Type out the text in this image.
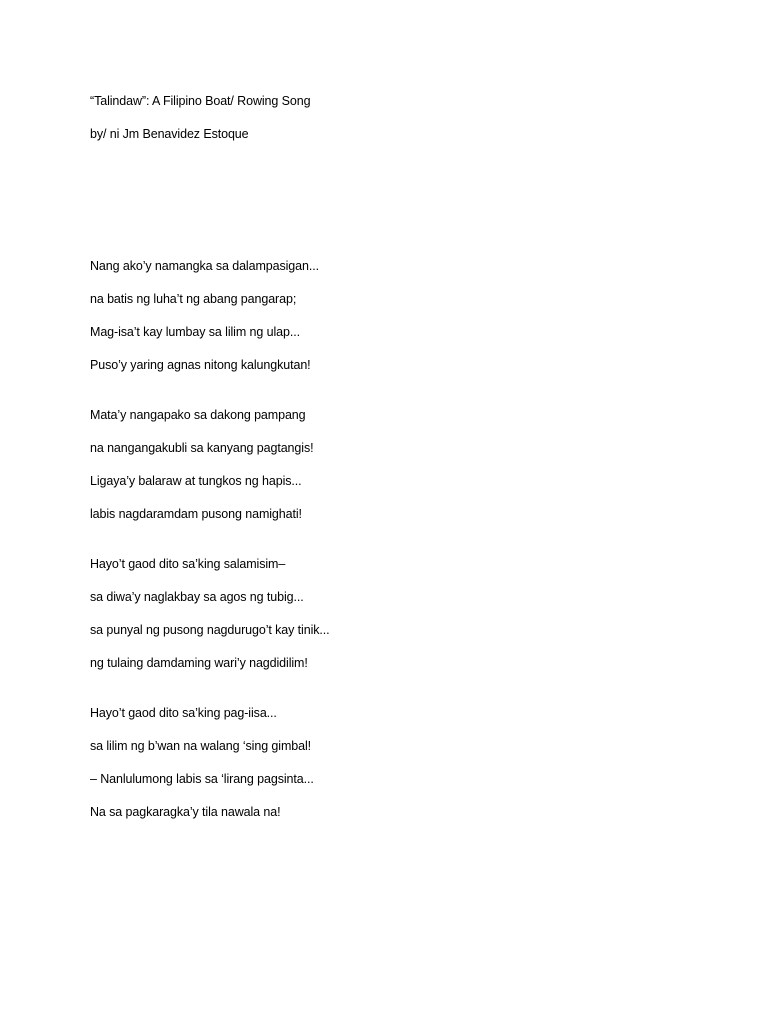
“Talindaw”: A Filipino Boat/ Rowing Song
by/ ni Jm Benavidez Estoque
Nang ako’y namangka sa dalampasigan...
na batis ng luha’t ng abang pangarap;
Mag-isa’t kay lumbay sa lilim ng ulap...
Puso’y yaring agnas nitong kalungkutan!
Mata’y nangapako sa dakong pampang
na nangangakubli sa kanyang pagtangis!
Ligaya’y balaraw at tungkos ng hapis...
labis nagdaramdam pusong namighati!
Hayo’t gaod dito sa’king salamisim–
sa diwa’y naglakbay sa agos ng tubig...
sa punyal ng pusong nagdurugo’t kay tinik...
ng tulaing damdaming wari’y nagdidilim!
Hayo’t gaod dito sa’king pag-iisa...
sa lilim ng b’wan na walang ‘sing gimbal!
– Nanlulumong labis sa ‘lirang pagsinta...
Na sa pagkaragka’y tila nawala na!
